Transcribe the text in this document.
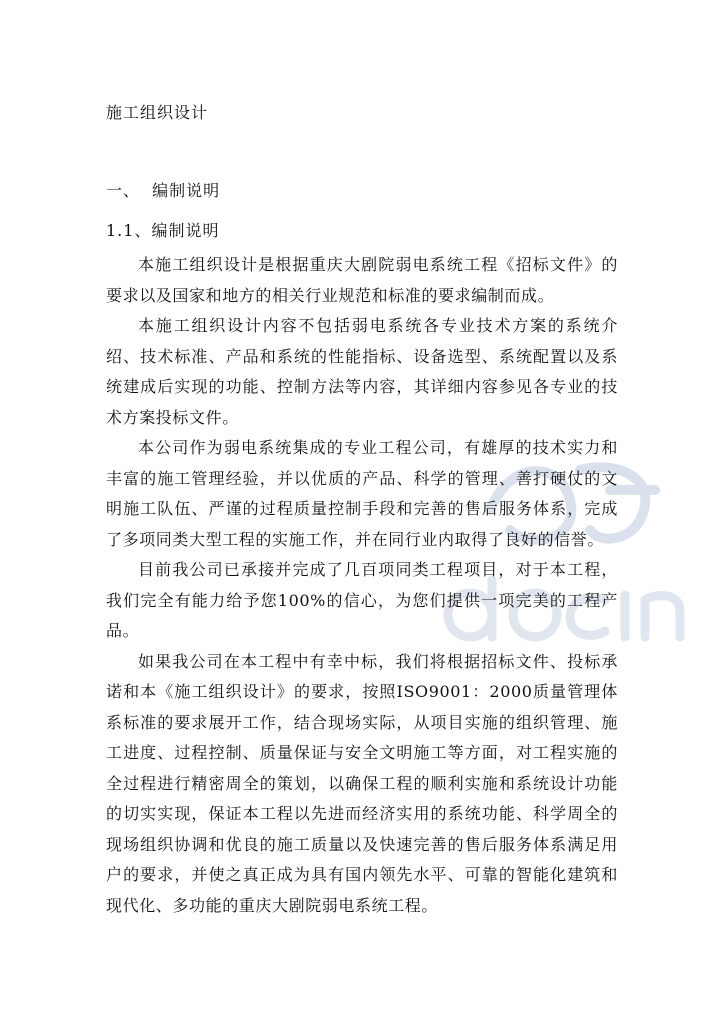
施工组织设计
一、  编制说明
1.1、编制说明

本施工组织设计是根据重庆大剧院弱电系统工程《招标文件》的要求以及国家和地方的相关行业规范和标准的要求编制而成。

本施工组织设计内容不包括弱电系统各专业技术方案的系统介绍、技术标准、产品和系统的性能指标、设备选型、系统配置以及系统建成后实现的功能、控制方法等内容，其详细内容参见各专业的技术方案投标文件。

本公司作为弱电系统集成的专业工程公司，有雄厚的技术实力和丰富的施工管理经验，并以优质的产品、科学的管理、善打硬仗的文明施工队伍、严谨的过程质量控制手段和完善的售后服务体系，完成了多项同类大型工程的实施工作，并在同行业内取得了良好的信誉。

目前我公司已承接并完成了几百项同类工程项目，对于本工程，我们完全有能力给予您100%的信心，为您们提供一项完美的工程产品。

如果我公司在本工程中有幸中标，我们将根据招标文件、投标承诺和本《施工组织设计》的要求，按照ISO9001：2000质量管理体系标准的要求展开工作，结合现场实际，从项目实施的组织管理、施工进度、过程控制、质量保证与安全文明施工等方面，对工程实施的全过程进行精密周全的策划，以确保工程的顺利实施和系统设计功能的切实实现，保证本工程以先进而经济实用的系统功能、科学周全的现场组织协调和优良的施工质量以及快速完善的售后服务体系满足用户的要求，并使之真正成为具有国内领先水平、可靠的智能化建筑和现代化、多功能的重庆大剧院弱电系统工程。
